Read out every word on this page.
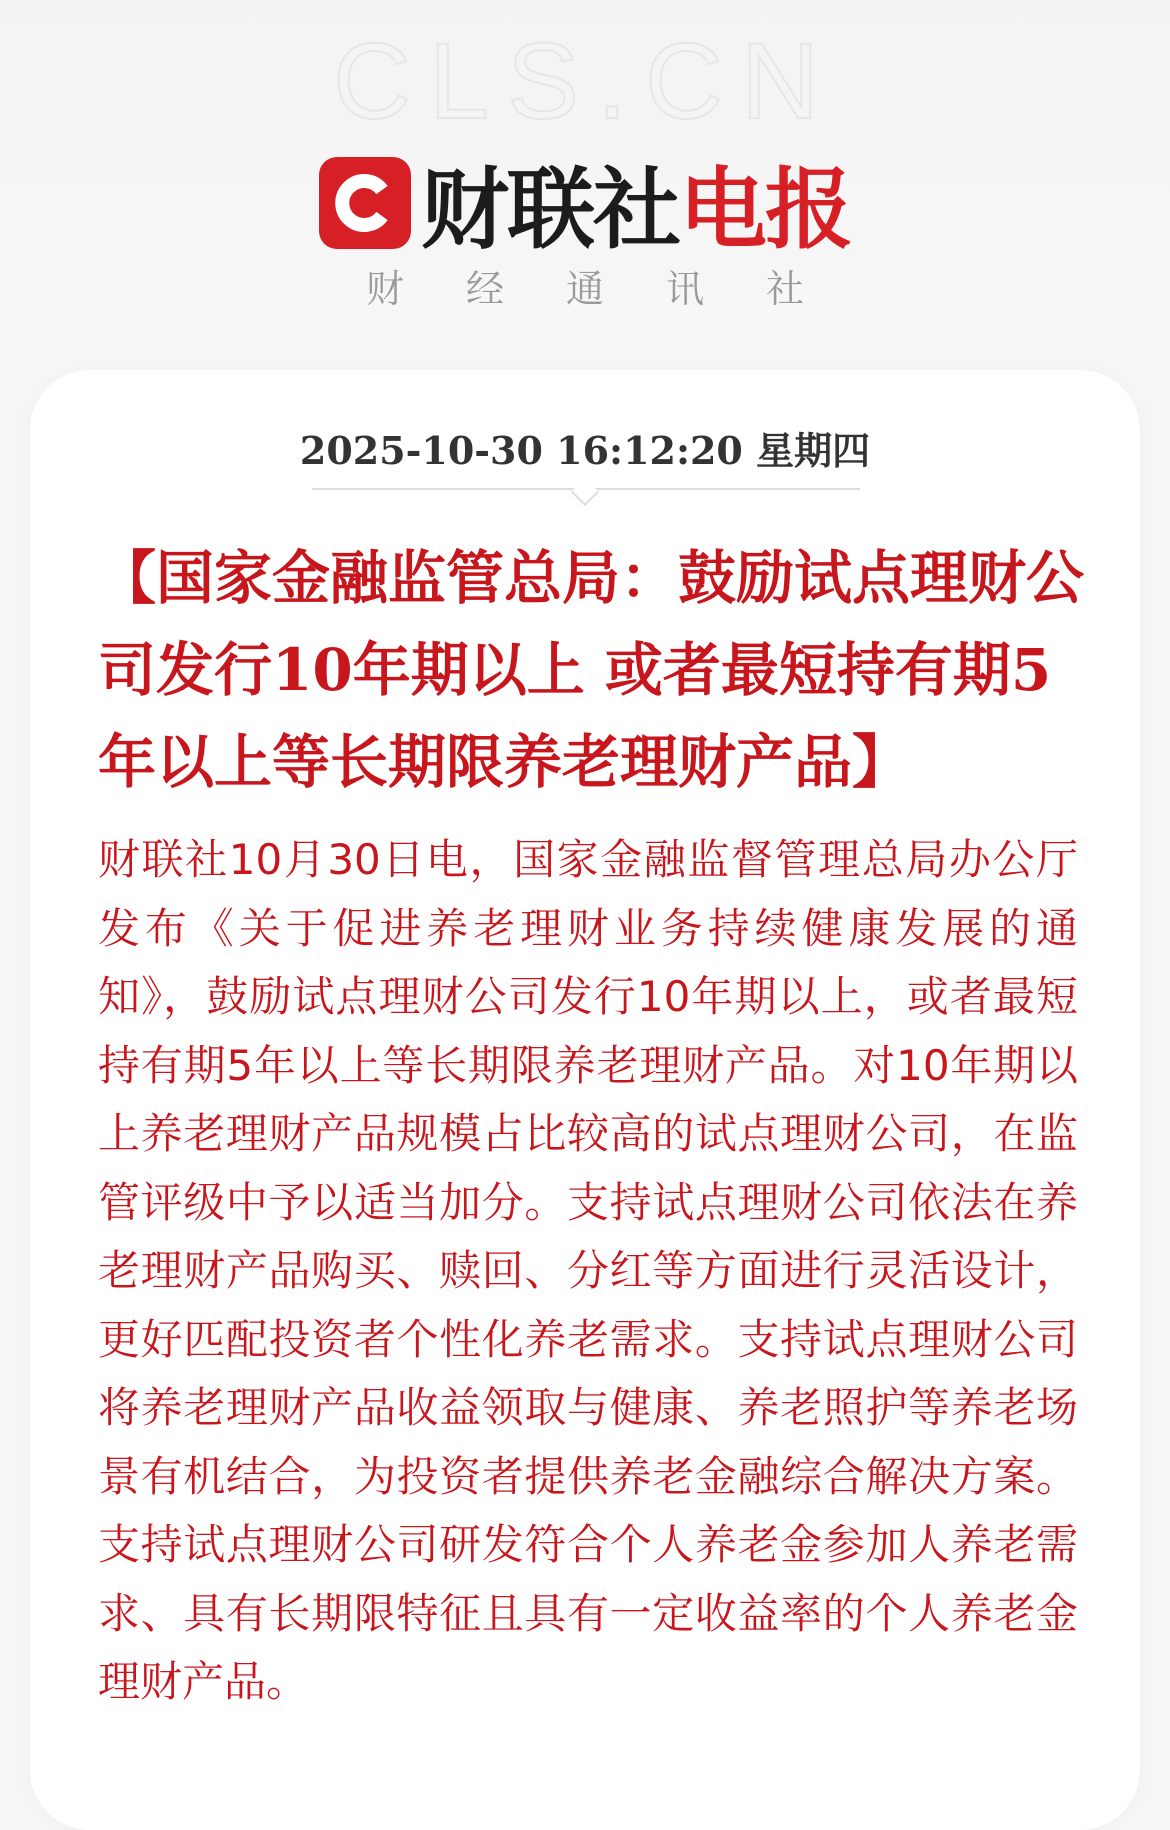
CLS.CN
财联社 电报
财经通讯社
2025-10-30 16:12:20 星期四
【国家金融监管总局：鼓励试点理财公司发行10年期以上 或者最短持有期5年以上等长期限养老理财产品】

财联社10月30日电，国家金融监督管理总局办公厅发布《关于促进养老理财业务持续健康发展的通知》，鼓励试点理财公司发行10年期以上，或者最短持有期5年以上等长期限养老理财产品。对10年期以上养老理财产品规模占比较高的试点理财公司，在监管评级中予以适当加分。支持试点理财公司依法在养老理财产品购买、赎回、分红等方面进行灵活设计，更好匹配投资者个性化养老需求。支持试点理财公司将养老理财产品收益领取与健康、养老照护等养老场景有机结合，为投资者提供养老金融综合解决方案。支持试点理财公司研发符合个人养老金参加人养老需求、具有长期限特征且具有一定收益率的个人养老金理财产品。
